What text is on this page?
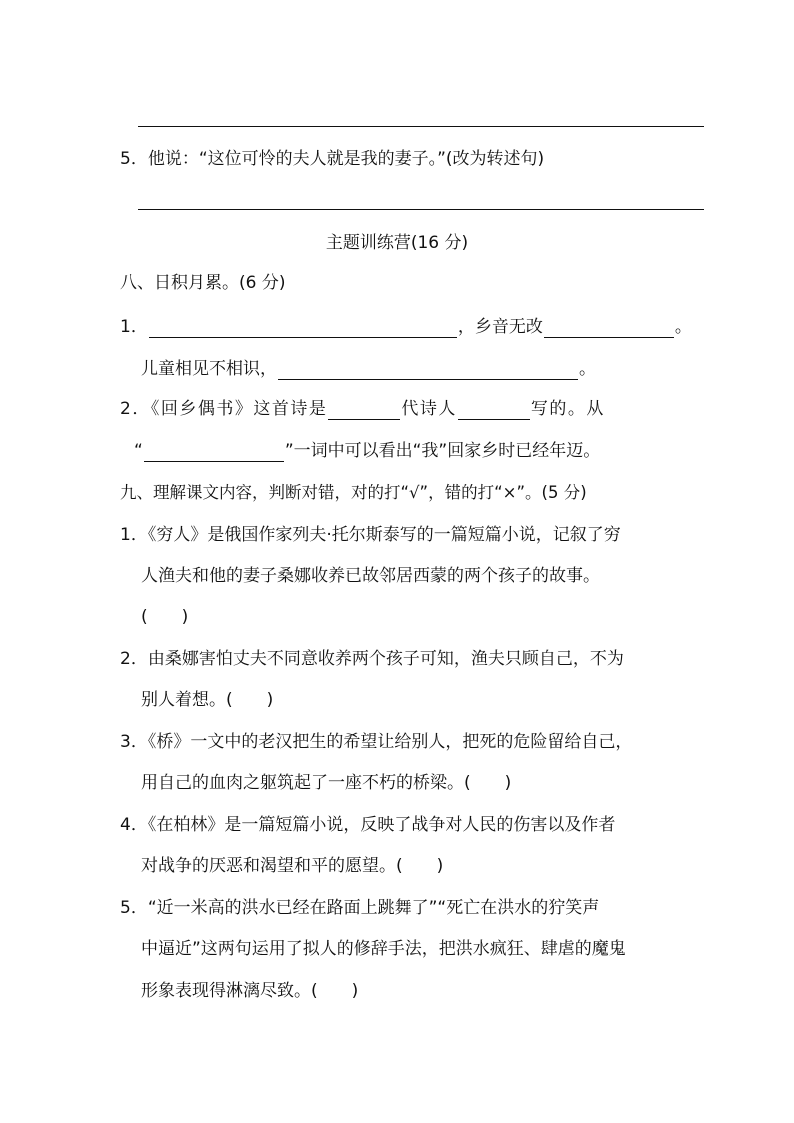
5．他说：“这位可怜的夫人就是我的妻子。”(改为转述句)
主题训练营(16 分)
八、日积月累。(6 分)
1．	，乡音无改	。
儿童相见不相识，	。
2．《回乡偶书》这首诗是	代诗人	写的。从
“	”一词中可以看出“我”回家乡时已经年迈。
九、理解课文内容，判断对错，对的打“√”，错的打“×”。(5 分)
1．《穷人》是俄国作家列夫·托尔斯泰写的一篇短篇小说，记叙了穷
人渔夫和他的妻子桑娜收养已故邻居西蒙的两个孩子的故事。
(　　)
2．由桑娜害怕丈夫不同意收养两个孩子可知，渔夫只顾自己，不为
别人着想。(　　)
3．《桥》一文中的老汉把生的希望让给别人，把死的危险留给自己，
用自己的血肉之躯筑起了一座不朽的桥梁。(　　)
4．《在柏林》是一篇短篇小说，反映了战争对人民的伤害以及作者
对战争的厌恶和渴望和平的愿望。(　　)
5．“近一米高的洪水已经在路面上跳舞了”“死亡在洪水的狞笑声
中逼近”这两句运用了拟人的修辞手法，把洪水疯狂、肆虐的魔鬼
形象表现得淋漓尽致。(　　)
